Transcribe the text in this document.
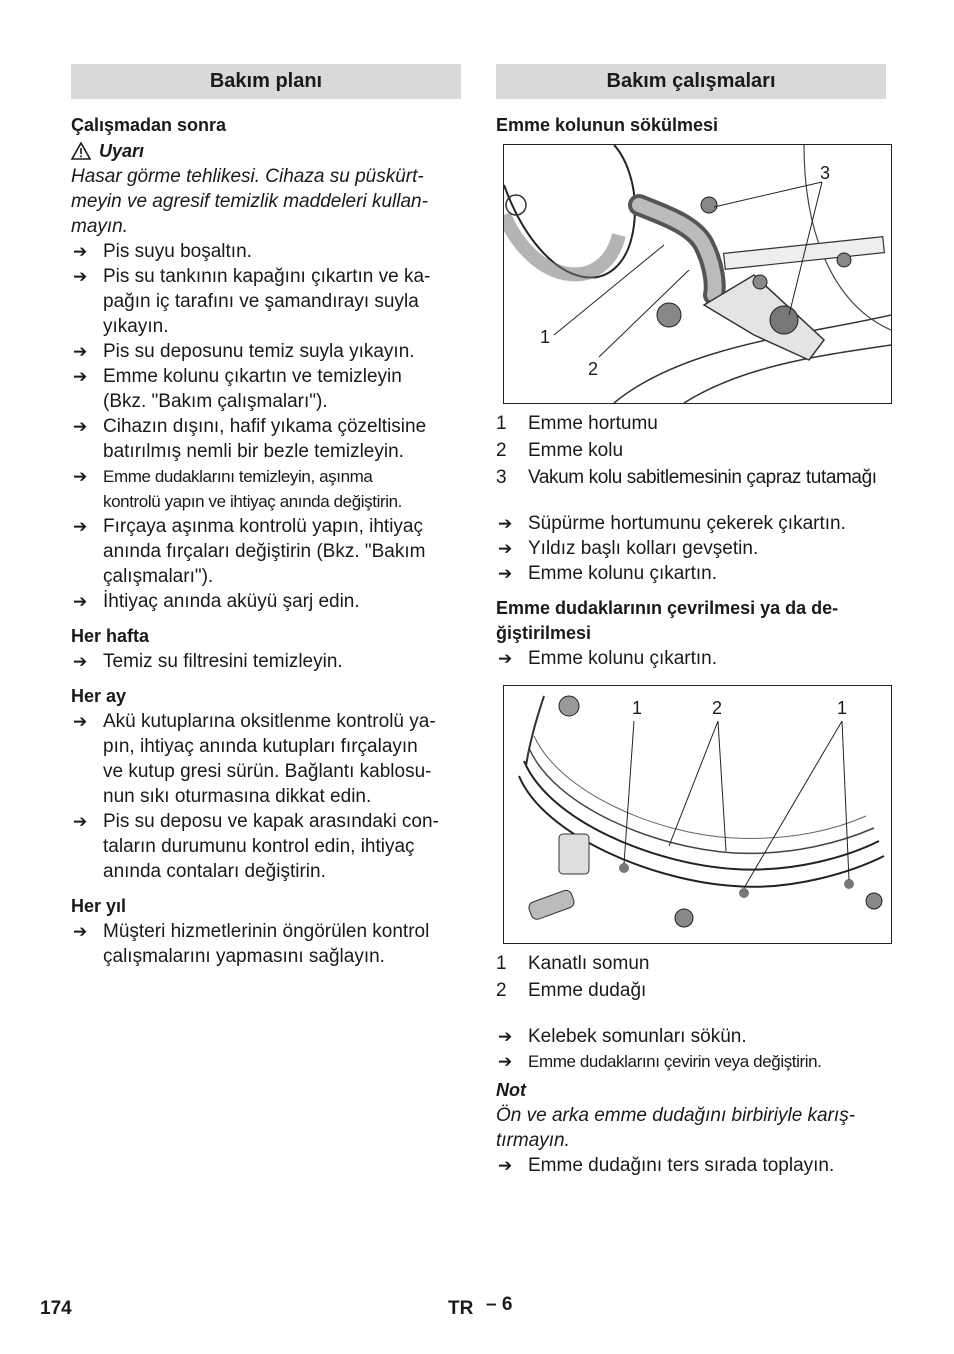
Bakım planı
Çalışmadan sonra
Uyarı
Hasar görme tehlikesi. Cihaza su püskürt-
meyin ve agresif temizlik maddeleri kullan-
mayın.
➔ Pis suyu boşaltın.
➔ Pis su tankının kapağını çıkartın ve ka-
pağın iç tarafını ve şamandırayı suyla
yıkayın.
➔ Pis su deposunu temiz suyla yıkayın.
➔ Emme kolunu çıkartın ve temizleyin
(Bkz. "Bakım çalışmaları").
➔ Cihazın dışını, hafif yıkama çözeltisine
batırılmış nemli bir bezle temizleyin.
➔ Emme dudaklarını temizleyin, aşınma
kontrolü yapın ve ihtiyaç anında değiştirin.
➔ Fırçaya aşınma kontrolü yapın, ihtiyaç
anında fırçaları değiştirin (Bkz. "Bakım
çalışmaları").
➔ İhtiyaç anında aküyü şarj edin.
Her hafta
➔ Temiz su filtresini temizleyin.
Her ay
➔ Akü kutuplarına oksitlenme kontrolü ya-
pın, ihtiyaç anında kutupları fırçalayın
ve kutup gresi sürün. Bağlantı kablosu-
nun sıkı oturmasına dikkat edin.
➔ Pis su deposu ve kapak arasındaki con-
taların durumunu kontrol edin, ihtiyaç
anında contaları değiştirin.
Her yıl
➔ Müşteri hizmetlerinin öngörülen kontrol
çalışmalarını yapmasını sağlayın.
Bakım çalışmaları
Emme kolunun sökülmesi
3
1
2
1	Emme hortumu
2	Emme kolu
3	Vakum kolu sabitlemesinin çapraz tutamağı
➔ Süpürme hortumunu çekerek çıkartın.
➔ Yıldız başlı kolları gevşetin.
➔ Emme kolunu çıkartın.
Emme dudaklarının çevrilmesi ya da de-
ğiştirilmesi
➔ Emme kolunu çıkartın.
1	2	1
1	Kanatlı somun
2	Emme dudağı
➔ Kelebek somunları sökün.
➔ Emme dudaklarını çevirin veya değiştirin.
Not
Ön ve arka emme dudağını birbiriyle karış-
tırmayın.
➔ Emme dudağını ters sırada toplayın.
174	TR – 6
